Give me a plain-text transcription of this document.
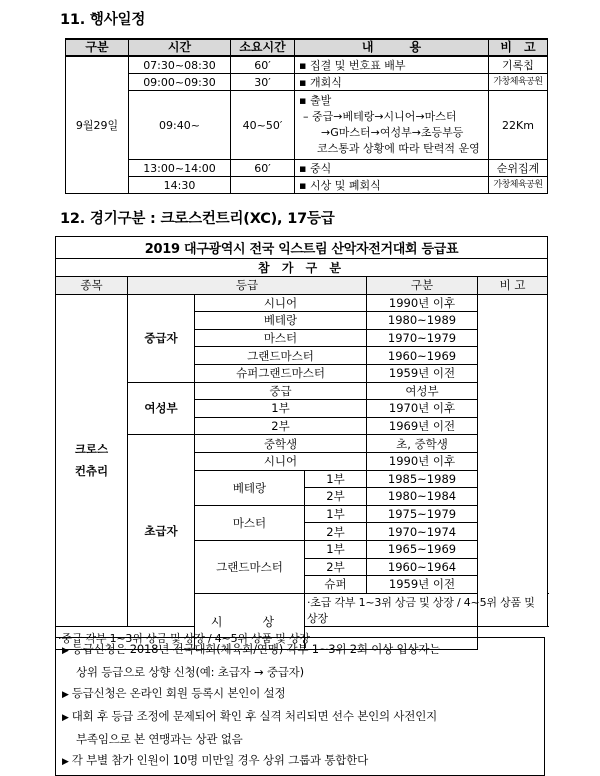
11. 행사일정
구분	시간	소요시간	내　　　용	비　고
9월29일	07:30~08:30	60′	▪ 집결 및 번호표 배부	기록칩
	09:00~09:30	30′	▪ 개회식	가창체육공원
	09:40~	40~50′	▪ 출발
– 중급→베테랑→시니어→마스터
→G마스터→여성부→초등부등
코스통과 상황에 따라 탄력적 운영	22Km
	13:00~14:00	60′	▪ 중식	순위집계
	14:30		▪ 시상 및 폐회식	가창체육공원
12. 경기구분 : 크로스컨트리(XC), 17등급
2019 대구광역시 전국 익스트림 산악자전거대회 등급표					
참 가 구 분					
종목	등급			구분	비 고
크로스
컨츄리	중급자	시니어		1990년 이후	
		베테랑		1980~1989	
		마스터		1970~1979	
		그랜드마스터		1960~1969	
		슈퍼그랜드마스터		1959년 이전	
	여성부	중급		여성부	
		1부		1970년 이후	
		2부		1969년 이전	
	초급자	중학생		초, 중학생	
		시니어		1990년 이후	
		베테랑	1부	1985~1989	
			2부	1980~1984	
		마스터	1부	1975~1979	
			2부	1970~1974	
		그랜드마스터	1부	1965~1969	
			2부	1960~1964	
			슈퍼	1959년 이전	
		시　상	·초급 각부 1~3위 상금 및 상장 / 4~5위 상품 및 상장		
·중급 각부 1~3위 상금 및 상장 / 4~5위 상품 및 상장					
▶ 등급신청은 2018년 전국대회(체육회/연맹) 각부 1~3위 2회 이상 입상자는
상위 등급으로 상향 신청(예: 초급자 → 중급자)
▶ 등급신청은 온라인 회원 등록시 본인이 설정
▶ 대회 후 등급 조정에 문제되어 확인 후 실격 처리되면 선수 본인의 사전인지
부족임으로 본 연맹과는 상관 없음
▶ 각 부별 참가 인원이 10명 미만일 경우 상위 그룹과 통합한다
